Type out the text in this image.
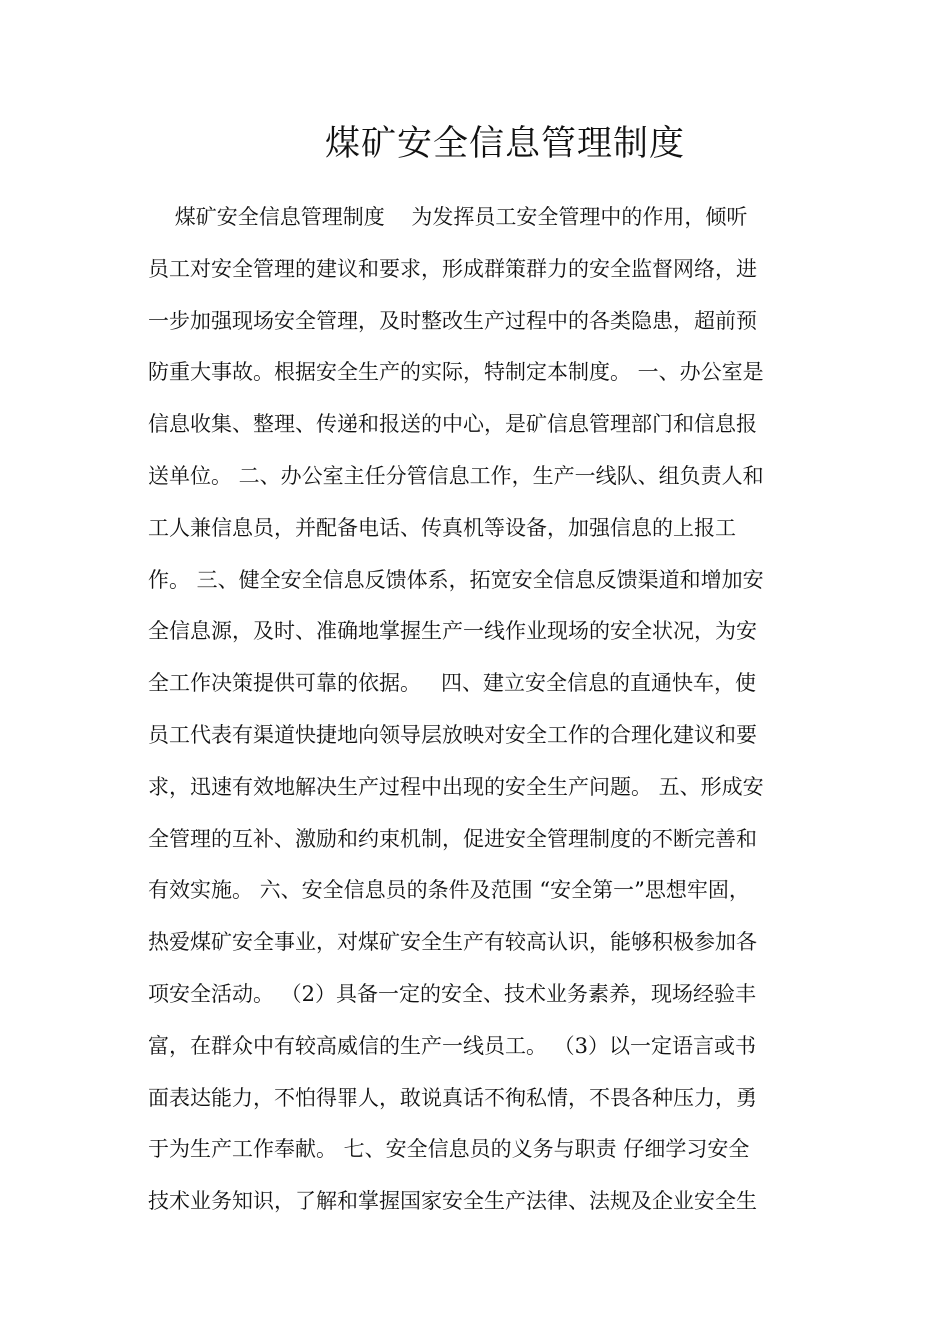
煤矿安全信息管理制度
煤矿安全信息管理制度    为发挥员工安全管理中的作用，倾听
员工对安全管理的建议和要求，形成群策群力的安全监督网络，进
一步加强现场安全管理，及时整改生产过程中的各类隐患，超前预
防重大事故。根据安全生产的实际，特制定本制度。 一、办公室是
信息收集、整理、传递和报送的中心，是矿信息管理部门和信息报
送单位。 二、办公室主任分管信息工作，生产一线队、组负责人和
工人兼信息员，并配备电话、传真机等设备，加强信息的上报工
作。 三、健全安全信息反馈体系，拓宽安全信息反馈渠道和增加安
全信息源，及时、准确地掌握生产一线作业现场的安全状况，为安
全工作决策提供可靠的依据。   四、建立安全信息的直通快车，使
员工代表有渠道快捷地向领导层放映对安全工作的合理化建议和要
求，迅速有效地解决生产过程中出现的安全生产问题。 五、形成安
全管理的互补、激励和约束机制，促进安全管理制度的不断完善和
有效实施。 六、安全信息员的条件及范围 “安全第一”思想牢固，
热爱煤矿安全事业，对煤矿安全生产有较高认识，能够积极参加各
项安全活动。 （2）具备一定的安全、技术业务素养，现场经验丰
富，在群众中有较高威信的生产一线员工。 （3）以一定语言或书
面表达能力，不怕得罪人，敢说真话不徇私情，不畏各种压力，勇
于为生产工作奉献。 七、安全信息员的义务与职责 仔细学习安全
技术业务知识，了解和掌握国家安全生产法律、法规及企业安全生
